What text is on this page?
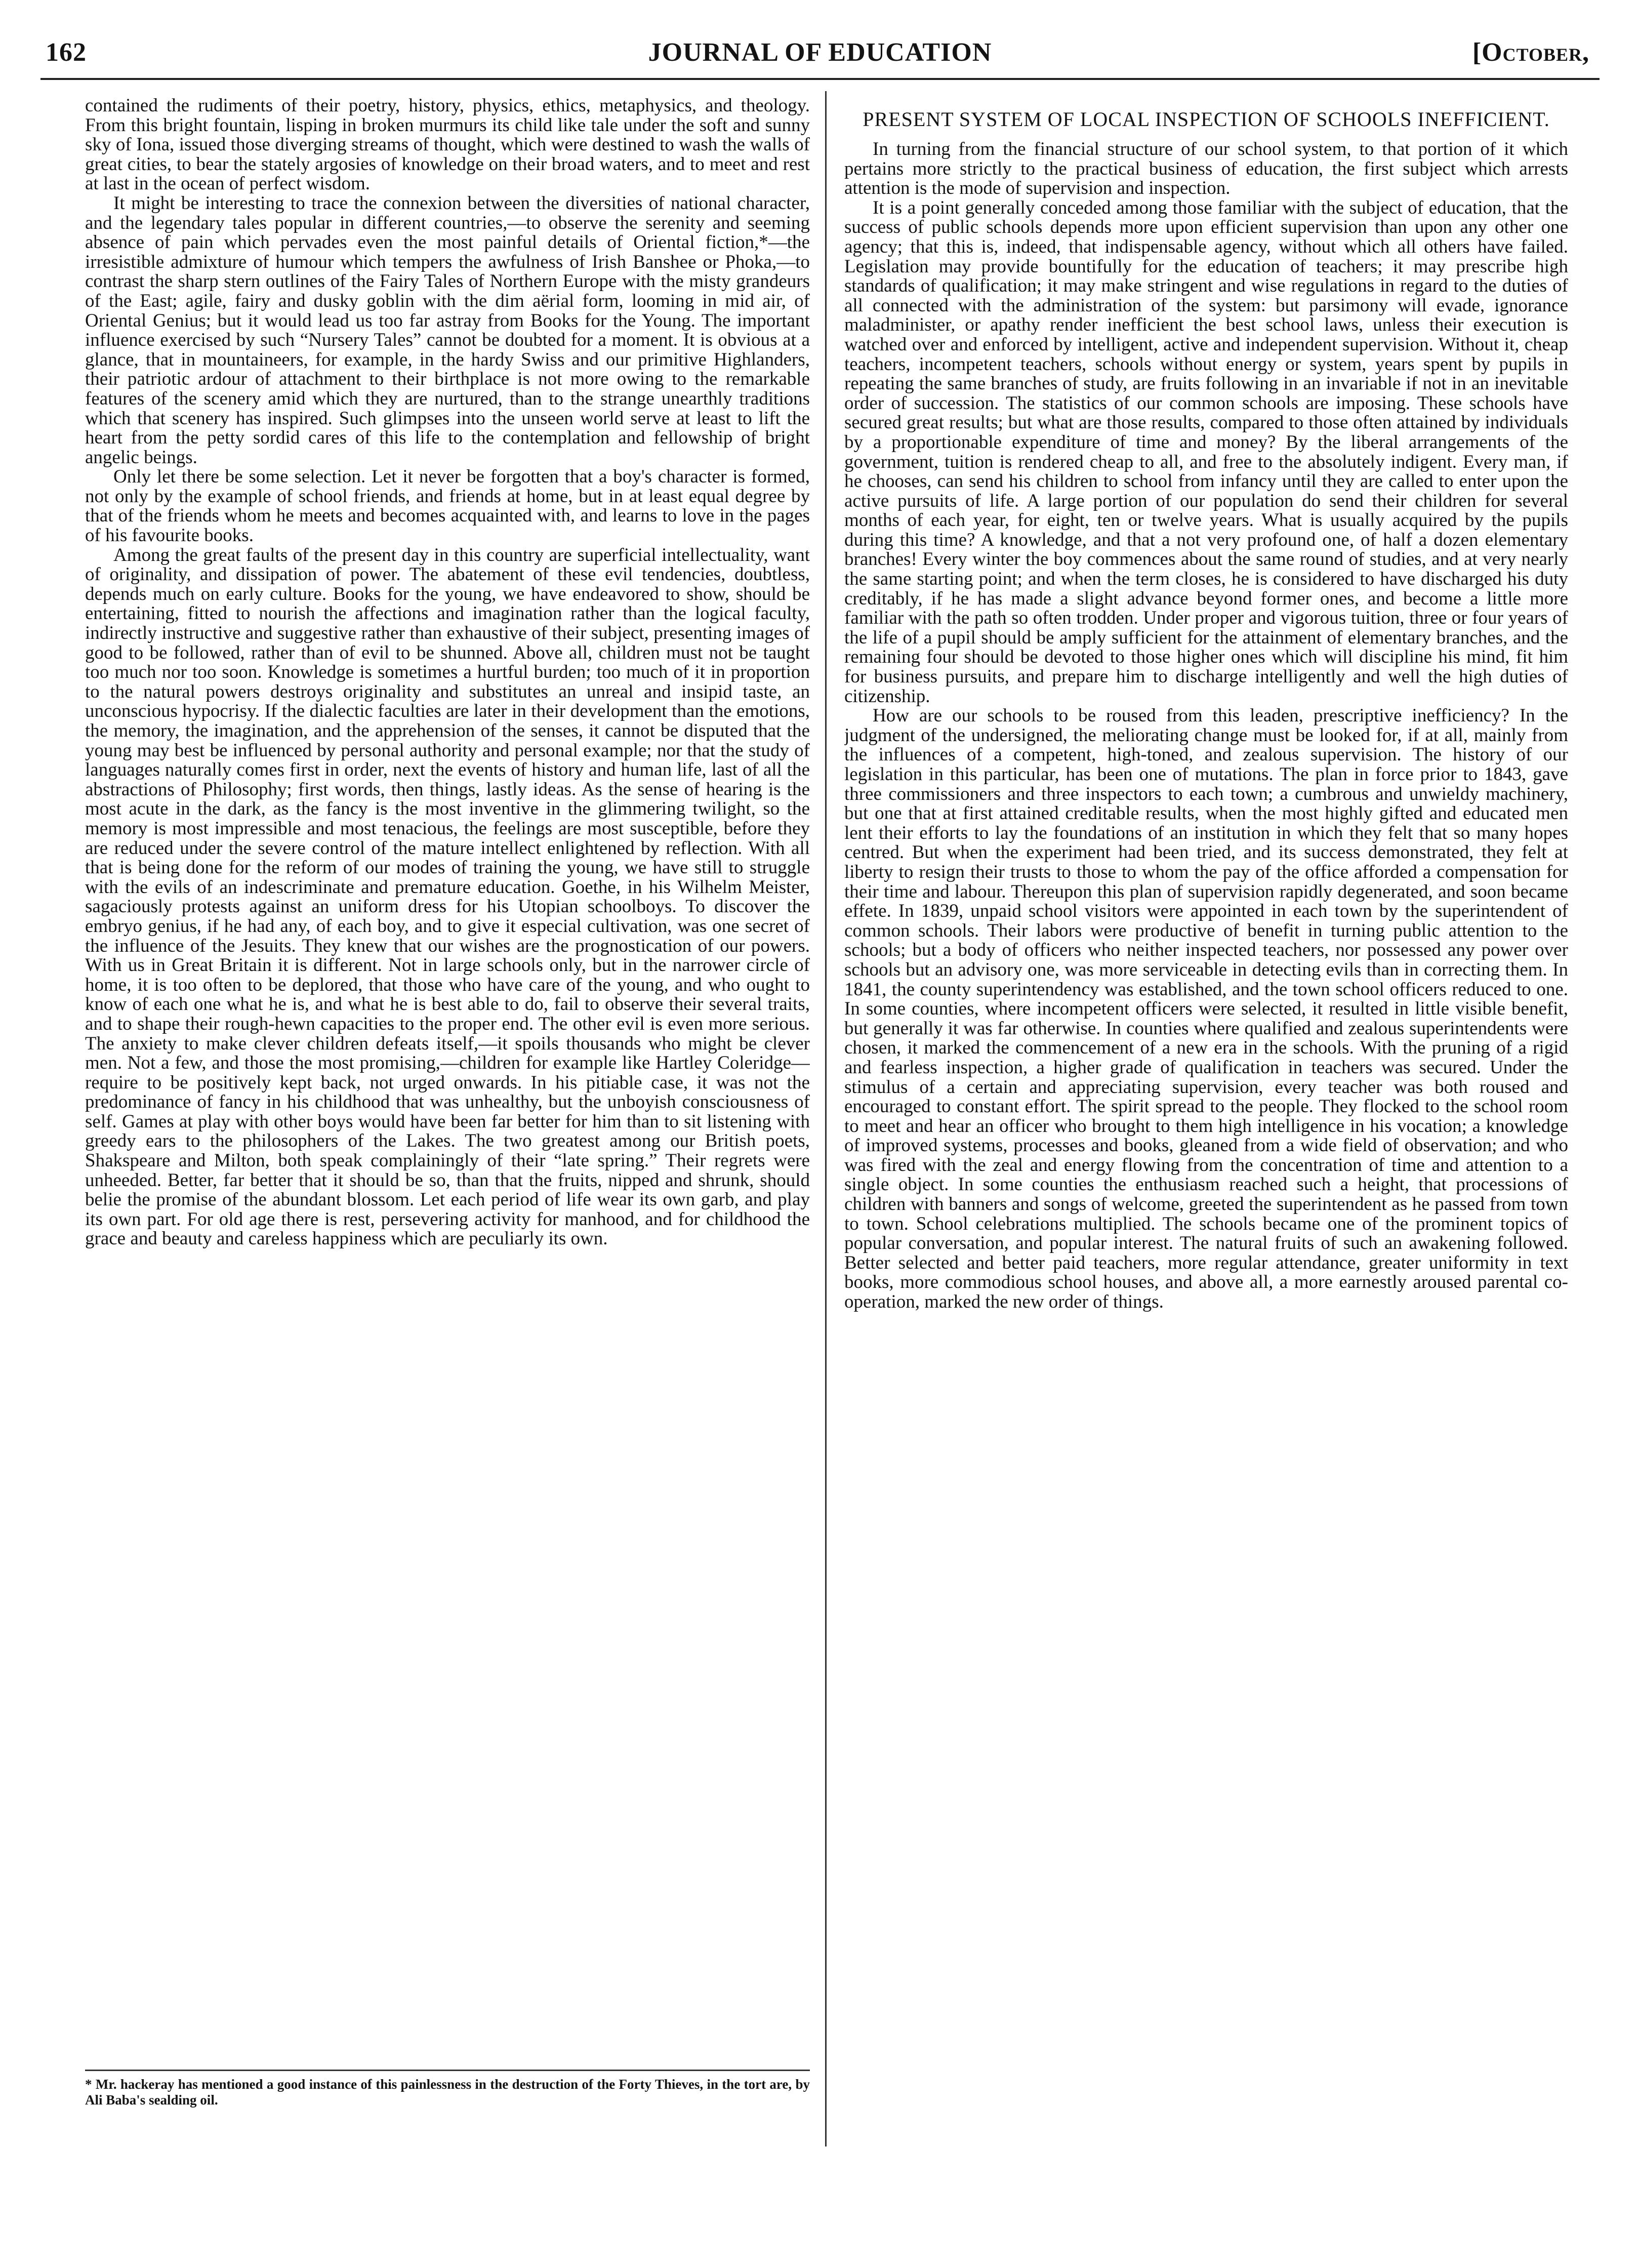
162	JOURNAL OF EDUCATION	[October,

contained the rudiments of their poetry, history, physics, ethics, metaphysics, and theology. From this bright fountain, lisping in broken murmurs its child like tale under the soft and sunny sky of Iona, issued those diverging streams of thought, which were destined to wash the walls of great cities, to bear the stately argosies of knowledge on their broad waters, and to meet and rest at last in the ocean of perfect wisdom.

It might be interesting to trace the connexion between the diversities of national character, and the legendary tales popular in different countries,—to observe the serenity and seeming absence of pain which pervades even the most painful details of Oriental fiction,*—the irresistible admixture of humour which tempers the awfulness of Irish Banshee or Phoka,—to contrast the sharp stern outlines of the Fairy Tales of Northern Europe with the misty grandeurs of the East; agile, fairy and dusky goblin with the dim aërial form, looming in mid air, of Oriental Genius; but it would lead us too far astray from Books for the Young. The important influence exercised by such “Nursery Tales” cannot be doubted for a moment. It is obvious at a glance, that in mountaineers, for example, in the hardy Swiss and our primitive Highlanders, their patriotic ardour of attachment to their birthplace is not more owing to the remarkable features of the scenery amid which they are nurtured, than to the strange unearthly traditions which that scenery has inspired. Such glimpses into the unseen world serve at least to lift the heart from the petty sordid cares of this life to the contemplation and fellowship of bright angelic beings.

Only let there be some selection. Let it never be forgotten that a boy's character is formed, not only by the example of school friends, and friends at home, but in at least equal degree by that of the friends whom he meets and becomes acquainted with, and learns to love in the pages of his favourite books.

Among the great faults of the present day in this country are superficial intellectuality, want of originality, and dissipation of power. The abatement of these evil tendencies, doubtless, depends much on early culture. Books for the young, we have endeavored to show, should be entertaining, fitted to nourish the affections and imagination rather than the logical faculty, indirectly instructive and suggestive rather than exhaustive of their subject, presenting images of good to be followed, rather than of evil to be shunned. Above all, children must not be taught too much nor too soon. Knowledge is sometimes a hurtful burden; too much of it in proportion to the natural powers destroys originality and substitutes an unreal and insipid taste, an unconscious hypocrisy. If the dialectic faculties are later in their development than the emotions, the memory, the imagination, and the apprehension of the senses, it cannot be disputed that the young may best be influenced by personal authority and personal example; nor that the study of languages naturally comes first in order, next the events of history and human life, last of all the abstractions of Philosophy; first words, then things, lastly ideas. As the sense of hearing is the most acute in the dark, as the fancy is the most inventive in the glimmering twilight, so the memory is most impressible and most tenacious, the feelings are most susceptible, before they are reduced under the severe control of the mature intellect enlightened by reflection. With all that is being done for the reform of our modes of training the young, we have still to struggle with the evils of an indescriminate and premature education. Goethe, in his Wilhelm Meister, sagaciously protests against an uniform dress for his Utopian schoolboys. To discover the embryo genius, if he had any, of each boy, and to give it especial cultivation, was one secret of the influence of the Jesuits. They knew that our wishes are the prognostication of our powers. With us in Great Britain it is different. Not in large schools only, but in the narrower circle of home, it is too often to be deplored, that those who have care of the young, and who ought to know of each one what he is, and what he is best able to do, fail to observe their several traits, and to shape their rough-hewn capacities to the proper end. The other evil is even more serious. The anxiety to make clever children defeats itself,—it spoils thousands who might be clever men. Not a few, and those the most promising,—children for example like Hartley Coleridge—require to be positively kept back, not urged onwards. In his pitiable case, it was not the predominance of fancy in his childhood that was unhealthy, but the unboyish consciousness of self. Games at play with other boys would have been far better for him than to sit listening with greedy ears to the philosophers of the Lakes. The two greatest among our British poets, Shakspeare and Milton, both speak complainingly of their “late spring.” Their regrets were unheeded. Better, far better that it should be so, than that the fruits, nipped and shrunk, should belie the promise of the abundant blossom. Let each period of life wear its own garb, and play its own part. For old age there is rest, persevering activity for manhood, and for childhood the grace and beauty and careless happiness which are peculiarly its own.

PRESENT SYSTEM OF LOCAL INSPECTION OF SCHOOLS INEFFICIENT.

In turning from the financial structure of our school system, to that portion of it which pertains more strictly to the practical business of education, the first subject which arrests attention is the mode of supervision and inspection.

It is a point generally conceded among those familiar with the subject of education, that the success of public schools depends more upon efficient supervision than upon any other one agency; that this is, indeed, that indispensable agency, without which all others have failed. Legislation may provide bountifully for the education of teachers; it may prescribe high standards of qualification; it may make stringent and wise regulations in regard to the duties of all connected with the administration of the system: but parsimony will evade, ignorance maladminister, or apathy render inefficient the best school laws, unless their execution is watched over and enforced by intelligent, active and independent supervision. Without it, cheap teachers, incompetent teachers, schools without energy or system, years spent by pupils in repeating the same branches of study, are fruits following in an invariable if not in an inevitable order of succession. The statistics of our common schools are imposing. These schools have secured great results; but what are those results, compared to those often attained by individuals by a proportionable expenditure of time and money? By the liberal arrangements of the government, tuition is rendered cheap to all, and free to the absolutely indigent. Every man, if he chooses, can send his children to school from infancy until they are called to enter upon the active pursuits of life. A large portion of our population do send their children for several months of each year, for eight, ten or twelve years. What is usually acquired by the pupils during this time? A knowledge, and that a not very profound one, of half a dozen elementary branches! Every winter the boy commences about the same round of studies, and at very nearly the same starting point; and when the term closes, he is considered to have discharged his duty creditably, if he has made a slight advance beyond former ones, and become a little more familiar with the path so often trodden. Under proper and vigorous tuition, three or four years of the life of a pupil should be amply sufficient for the attainment of elementary branches, and the remaining four should be devoted to those higher ones which will discipline his mind, fit him for business pursuits, and prepare him to discharge intelligently and well the high duties of citizenship.

How are our schools to be roused from this leaden, prescriptive inefficiency? In the judgment of the undersigned, the meliorating change must be looked for, if at all, mainly from the influences of a competent, high-toned, and zealous supervision. The history of our legislation in this particular, has been one of mutations. The plan in force prior to 1843, gave three commissioners and three inspectors to each town; a cumbrous and unwieldy machinery, but one that at first attained creditable results, when the most highly gifted and educated men lent their efforts to lay the foundations of an institution in which they felt that so many hopes centred. But when the experiment had been tried, and its success demonstrated, they felt at liberty to resign their trusts to those to whom the pay of the office afforded a compensation for their time and labour. Thereupon this plan of supervision rapidly degenerated, and soon became effete. In 1839, unpaid school visitors were appointed in each town by the superintendent of common schools. Their labors were productive of benefit in turning public attention to the schools; but a body of officers who neither inspected teachers, nor possessed any power over schools but an advisory one, was more serviceable in detecting evils than in correcting them. In 1841, the county superintendency was established, and the town school officers reduced to one. In some counties, where incompetent officers were selected, it resulted in little visible benefit, but generally it was far otherwise. In counties where qualified and zealous superintendents were chosen, it marked the commencement of a new era in the schools. With the pruning of a rigid and fearless inspection, a higher grade of qualification in teachers was secured. Under the stimulus of a certain and appreciating supervision, every teacher was both roused and encouraged to constant effort. The spirit spread to the people. They flocked to the school room to meet and hear an officer who brought to them high intelligence in his vocation; a knowledge of improved systems, processes and books, gleaned from a wide field of observation; and who was fired with the zeal and energy flowing from the concentration of time and attention to a single object. In some counties the enthusiasm reached such a height, that processions of children with banners and songs of welcome, greeted the superintendent as he passed from town to town. School celebrations multiplied. The schools became one of the prominent topics of popular conversation, and popular interest. The natural fruits of such an awakening followed. Better selected and better paid teachers, more regular attendance, greater uniformity in text books, more commodious school houses, and above all, a more earnestly aroused parental co-operation, marked the new order of things.

* Mr. hackeray has mentioned a good instance of this painlessness in the destruction of the Forty Thieves, in the tort are, by Ali Baba's sealding oil.
